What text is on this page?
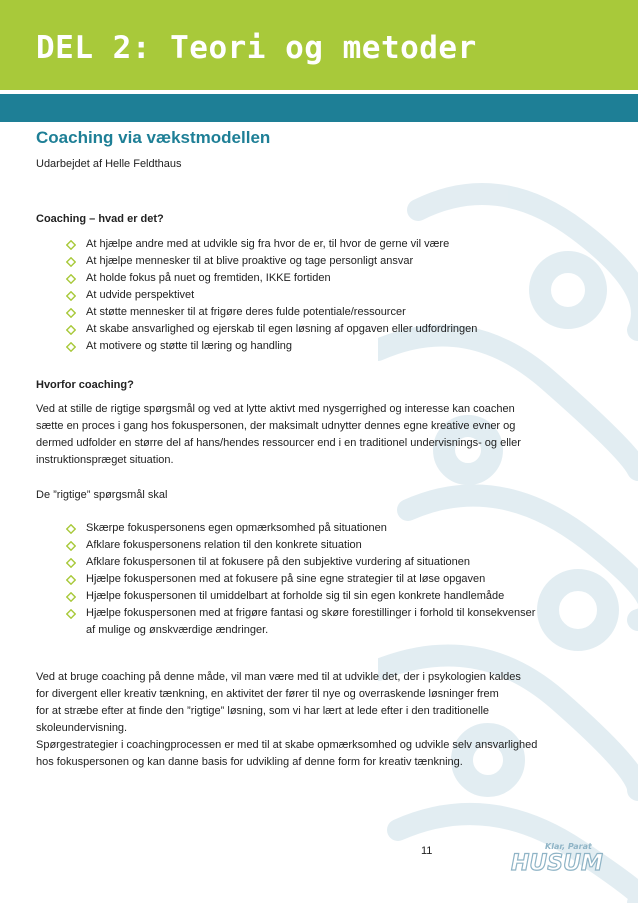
DEL 2: Teori og metoder
Coaching via vækstmodellen
Udarbejdet af Helle Feldthaus
Coaching – hvad er det?
At hjælpe andre med at udvikle sig fra hvor de er, til hvor de gerne vil være
At hjælpe mennesker til at blive proaktive og tage personligt ansvar
At holde fokus på nuet og fremtiden, IKKE fortiden
At udvide perspektivet
At støtte mennesker til at frigøre deres fulde potentiale/ressourcer
At skabe ansvarlighed og ejerskab til egen løsning af opgaven eller udfordringen
At motivere og støtte til læring og handling
Hvorfor coaching?
Ved at stille de rigtige spørgsmål og ved at lytte aktivt med nysgerrighed og interesse kan coachen
sætte en proces i gang hos fokuspersonen, der maksimalt udnytter dennes egne kreative evner og
dermed udfolder en større del af hans/hendes ressourcer end i en traditionel undervisnings- og eller
instruktionspræget situation.
De ”rigtige” spørgsmål skal
Skærpe fokuspersonens egen opmærksomhed på situationen
Afklare fokuspersonens relation til den konkrete situation
Afklare fokuspersonen til at fokusere på den subjektive vurdering af situationen
Hjælpe fokuspersonen med at fokusere på sine egne strategier til at løse opgaven
Hjælpe fokuspersonen til umiddelbart at forholde sig til sin egen konkrete handlemåde
Hjælpe fokuspersonen med at frigøre fantasi og skøre forestillinger i forhold til konsekvenser
af mulige og ønskværdige ændringer.
Ved at bruge coaching på denne måde, vil man være med til at udvikle det, der i psykologien kaldes
for divergent eller kreativ tænkning, en aktivitet der fører til nye og overraskende løsninger frem
for at stræbe efter at finde den ”rigtige” løsning, som vi har lært at lede efter i den traditionelle
skoleundervisning.
Spørgestrategier i coachingprocessen er med til at skabe opmærksomhed og udvikle selv ansvarlighed
hos fokuspersonen og kan danne basis for udvikling af denne form for kreativ tænkning.
11	Klar, Parat
HUSUM
